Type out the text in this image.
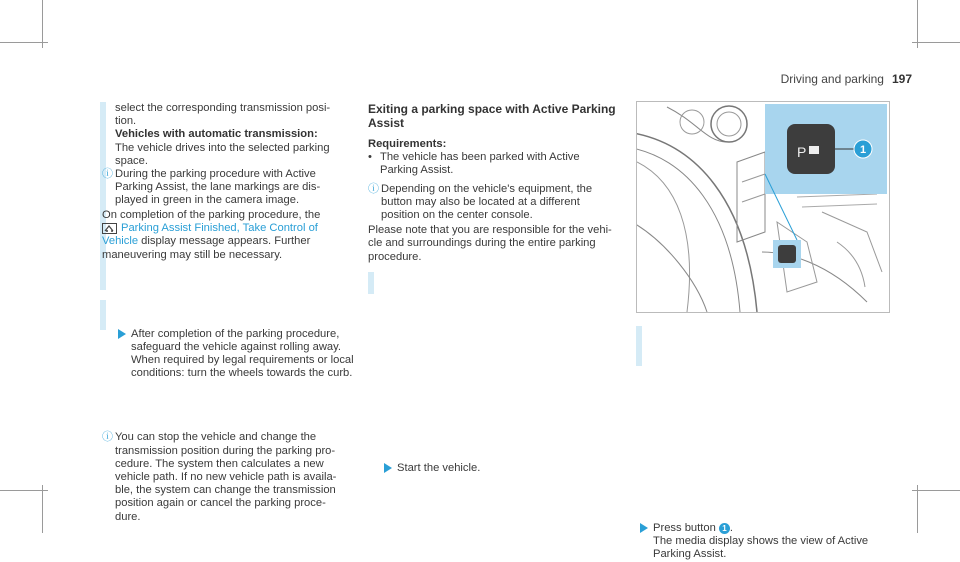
Driving and parking 197

select the corresponding transmission posi-
tion.

Vehicles with automatic transmission:

The vehicle drives into the selected parking
space.

ⓘ During the parking procedure with Active
Parking Assist, the lane markings are dis-
played in green in the camera image.

On completion of the parking procedure, the

Parking Assist Finished, Take Control of
Vehicle display message appears. Further
maneuvering may still be necessary.

After completion of the parking procedure,
safeguard the vehicle against rolling away.
When required by legal requirements or local
conditions: turn the wheels towards the curb.

ⓘ You can stop the vehicle and change the
transmission position during the parking pro-
cedure. The system then calculates a new
vehicle path. If no new vehicle path is availa-
ble, the system can change the transmission
position again or cancel the parking proce-
dure.

Exiting a parking space with Active Parking
Assist

Requirements:

• The vehicle has been parked with Active
Parking Assist.

ⓘ Depending on the vehicle's equipment, the
button may also be located at a different
position on the center console.

Please note that you are responsible for the vehi-
cle and surroundings during the entire parking
procedure.

Start the vehicle.

P	1

Press button 1 .

The media display shows the view of Active
Parking Assist.
